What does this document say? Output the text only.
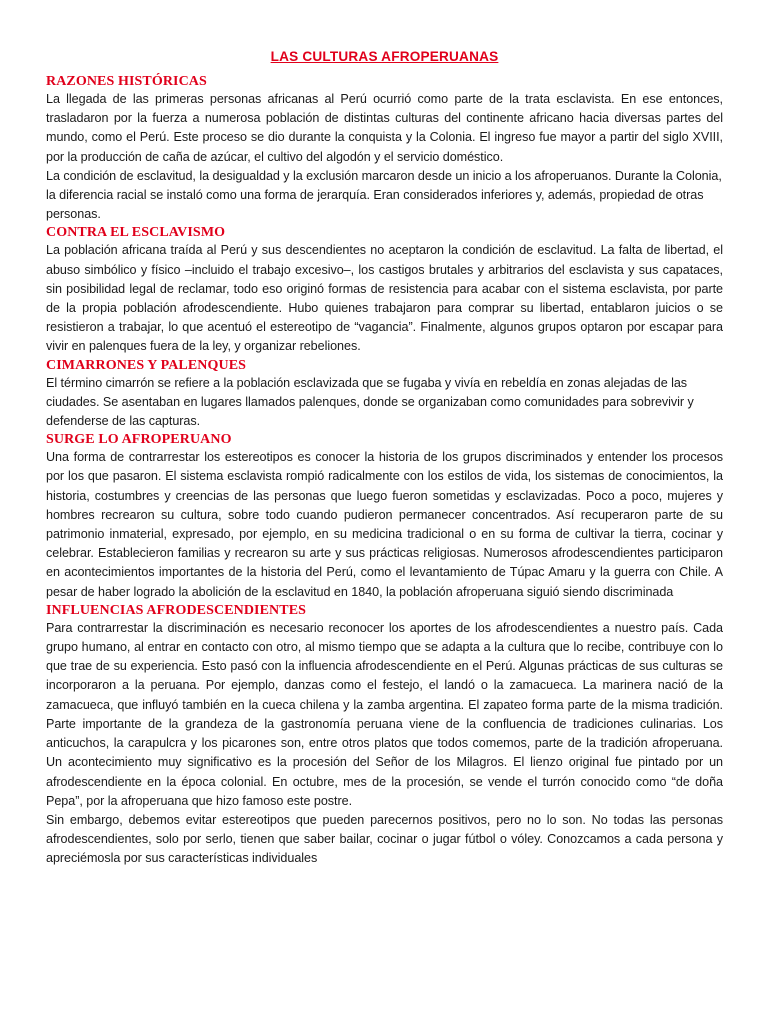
LAS CULTURAS AFROPERUANAS

RAZONES HISTÓRICAS

La llegada de las primeras personas africanas al Perú ocurrió como parte de la trata esclavista. En ese entonces, trasladaron por la fuerza a numerosa población de distintas culturas del continente africano hacia diversas partes del mundo, como el Perú. Este proceso se dio durante la conquista y la Colonia. El ingreso fue mayor a partir del siglo XVIII, por la producción de caña de azúcar, el cultivo del algodón y el servicio doméstico.

La condición de esclavitud, la desigualdad y la exclusión marcaron desde un inicio a los afroperuanos. Durante la Colonia, la diferencia racial se instaló como una forma de jerarquía. Eran considerados inferiores y, además, propiedad de otras personas.

CONTRA EL ESCLAVISMO

La población africana traída al Perú y sus descendientes no aceptaron la condición de esclavitud. La falta de libertad, el abuso simbólico y físico –incluido el trabajo excesivo–, los castigos brutales y arbitrarios del esclavista y sus capataces, sin posibilidad legal de reclamar, todo eso originó formas de resistencia para acabar con el sistema esclavista, por parte de la propia población afrodescendiente. Hubo quienes trabajaron para comprar su libertad, entablaron juicios o se resistieron a trabajar, lo que acentuó el estereotipo de “vagancia”. Finalmente, algunos grupos optaron por escapar para vivir en palenques fuera de la ley, y organizar rebeliones.

CIMARRONES Y PALENQUES

El término cimarrón se refiere a la población esclavizada que se fugaba y vivía en rebeldía en zonas alejadas de las ciudades. Se asentaban en lugares llamados palenques, donde se organizaban como comunidades para sobrevivir y defenderse de las capturas.

SURGE LO AFROPERUANO

Una forma de contrarrestar los estereotipos es conocer la historia de los grupos discriminados y entender los procesos por los que pasaron. El sistema esclavista rompió radicalmente con los estilos de vida, los sistemas de conocimientos, la historia, costumbres y creencias de las personas que luego fueron sometidas y esclavizadas. Poco a poco, mujeres y hombres recrearon su cultura, sobre todo cuando pudieron permanecer concentrados. Así recuperaron parte de su patrimonio inmaterial, expresado, por ejemplo, en su medicina tradicional o en su forma de cultivar la tierra, cocinar y celebrar. Establecieron familias y recrearon su arte y sus prácticas religiosas. Numerosos afrodescendientes participaron en acontecimientos importantes de la historia del Perú, como el levantamiento de Túpac Amaru y la guerra con Chile. A pesar de haber logrado la abolición de la esclavitud en 1840, la población afroperuana siguió siendo discriminada

INFLUENCIAS AFRODESCENDIENTES

Para contrarrestar la discriminación es necesario reconocer los aportes de los afrodescendientes a nuestro país. Cada grupo humano, al entrar en contacto con otro, al mismo tiempo que se adapta a la cultura que lo recibe, contribuye con lo que trae de su experiencia. Esto pasó con la influencia afrodescendiente en el Perú. Algunas prácticas de sus culturas se incorporaron a la peruana. Por ejemplo, danzas como el festejo, el landó o la zamacueca. La marinera nació de la zamacueca, que influyó también en la cueca chilena y la zamba argentina. El zapateo forma parte de la misma tradición. Parte importante de la grandeza de la gastronomía peruana viene de la confluencia de tradiciones culinarias. Los anticuchos, la carapulcra y los picarones son, entre otros platos que todos comemos, parte de la tradición afroperuana. Un acontecimiento muy significativo es la procesión del Señor de los Milagros. El lienzo original fue pintado por un afrodescendiente en la época colonial. En octubre, mes de la procesión, se vende el turrón conocido como “de doña Pepa”, por la afroperuana que hizo famoso este postre.

Sin embargo, debemos evitar estereotipos que pueden parecernos positivos, pero no lo son. No todas las personas afrodescendientes, solo por serlo, tienen que saber bailar, cocinar o jugar fútbol o vóley. Conozcamos a cada persona y apreciémosla por sus características individuales
